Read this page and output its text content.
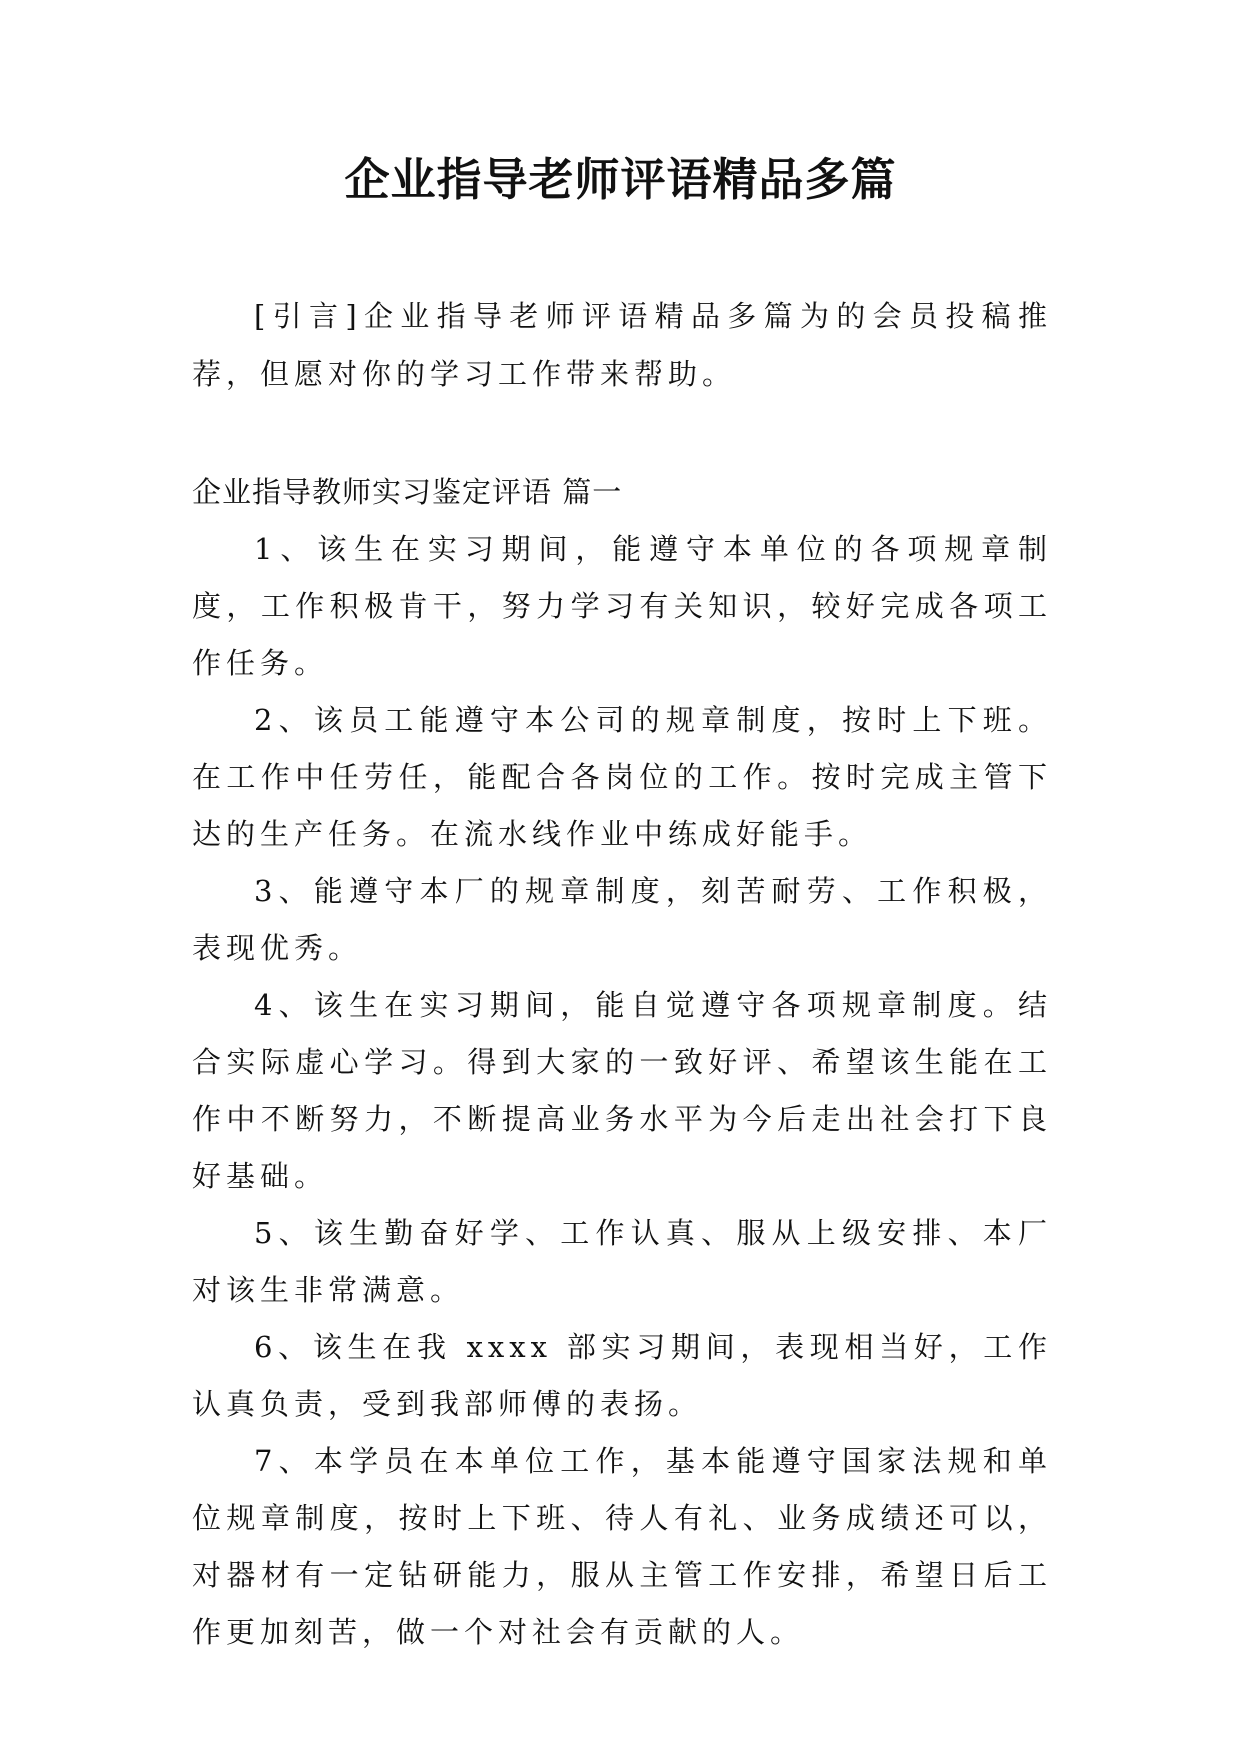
企业指导老师评语精品多篇

[引言]企业指导老师评语精品多篇为的会员投稿推荐，但愿对你的学习工作带来帮助。

企业指导教师实习鉴定评语 篇一

1、该生在实习期间，能遵守本单位的各项规章制度，工作积极肯干，努力学习有关知识，较好完成各项工作任务。

2、该员工能遵守本公司的规章制度，按时上下班。在工作中任劳任，能配合各岗位的工作。按时完成主管下达的生产任务。在流水线作业中练成好能手。

3、能遵守本厂的规章制度，刻苦耐劳、工作积极，表现优秀。

4、该生在实习期间，能自觉遵守各项规章制度。结合实际虚心学习。得到大家的一致好评、希望该生能在工作中不断努力，不断提高业务水平为今后走出社会打下良好基础。

5、该生勤奋好学、工作认真、服从上级安排、本厂对该生非常满意。

6、该生在我 xxxx 部实习期间，表现相当好，工作认真负责，受到我部师傅的表扬。

7、本学员在本单位工作，基本能遵守国家法规和单位规章制度，按时上下班、待人有礼、业务成绩还可以，对器材有一定钻研能力，服从主管工作安排，希望日后工作更加刻苦，做一个对社会有贡献的人。
